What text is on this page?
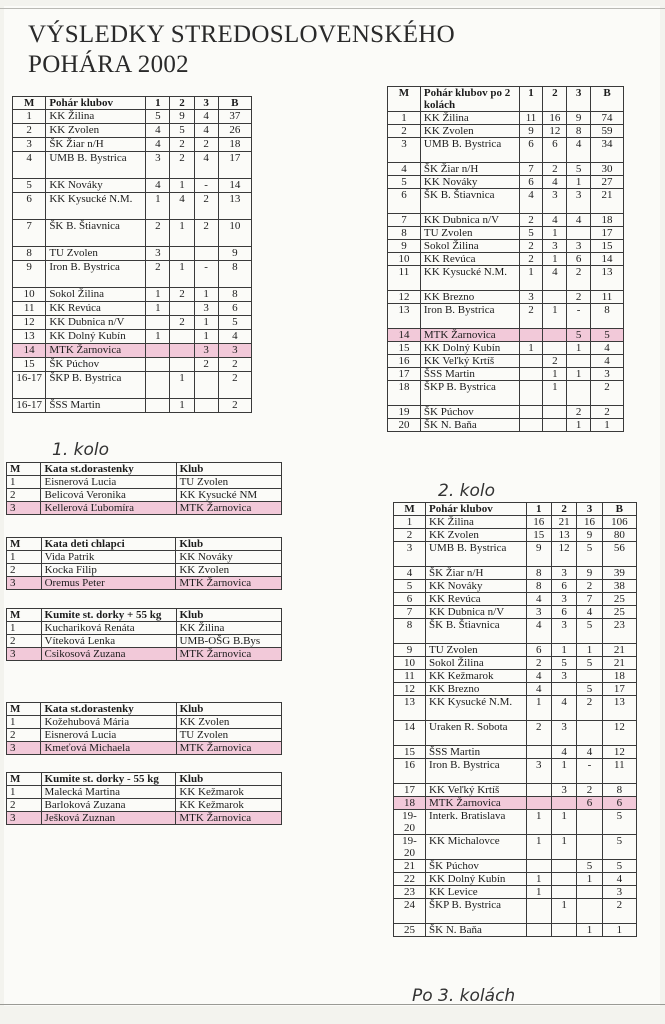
VÝSLEDKY STREDOSLOVENSKÉHO
POHÁRA 2002
M	Pohár klubov	1	2	3	B
1	KK Žilina	5	9	4	37
2	KK Zvolen	4	5	4	26
3	ŠK Žiar n/H	4	2	2	18
4	UMB B. Bystrica	3	2	4	17
5	KK Nováky	4	1	-	14
6	KK Kysucké N.M.	1	4	2	13
7	ŠK B. Štiavnica	2	1	2	10
8	TU Zvolen	3			9
9	Iron B. Bystrica	2	1	-	8
10	Sokol Žilina	1	2	1	8
11	KK Revúca	1		3	6
12	KK Dubnica n/V		2	1	5
13	KK Dolný Kubín	1		1	4
14	MTK Žarnovica			3	3
15	ŠK Púchov			2	2
16-17	ŠKP B. Bystrica		1		2
16-17	ŠSS Martin		1		2
1. kolo
M	Pohár klubov po 2 kolách	1	2	3	B
1	KK Žilina	11	16	9	74
2	KK Zvolen	9	12	8	59
3	UMB B. Bystrica	6	6	4	34
4	ŠK Žiar n/H	7	2	5	30
5	KK Nováky	6	4	1	27
6	ŠK B. Štiavnica	4	3	3	21
7	KK Dubnica n/V	2	4	4	18
8	TU Zvolen	5	1		17
9	Sokol Žilina	2	3	3	15
10	KK Revúca	2	1	6	14
11	KK Kysucké N.M.	1	4	2	13
12	KK Brezno	3		2	11
13	Iron B. Bystrica	2	1	-	8
14	MTK Žarnovica			5	5
15	KK Dolný Kubín	1		1	4
16	KK Veľký Krtíš		2		4
17	ŠSS Martin		1	1	3
18	ŠKP B. Bystrica		1		2
19	ŠK Púchov			2	2
20	ŠK N. Baňa			1	1
2. kolo
M	Pohár klubov	1	2	3	B
1	KK Žilina	16	21	16	106
2	KK Zvolen	15	13	9	80
3	UMB B. Bystrica	9	12	5	56
4	ŠK Žiar n/H	8	3	9	39
5	KK Nováky	8	6	2	38
6	KK Revúca	4	3	7	25
7	KK Dubnica n/V	3	6	4	25
8	ŠK B. Štiavnica	4	3	5	23
9	TU Zvolen	6	1	1	21
10	Sokol Žilina	2	5	5	21
11	KK Kežmarok	4	3		18
12	KK Brezno	4		5	17
13	KK Kysucké N.M.	1	4	2	13
14	Uraken R. Sobota	2	3		12
15	ŠSS Martin		4	4	12
16	Iron B. Bystrica	3	1	-	11
17	KK Veľký Krtíš		3	2	8
18	MTK Žarnovica			6	6
19-20	Interk. Bratislava	1	1		5
19-20	KK Michalovce	1	1		5
21	ŠK Púchov			5	5
22	KK Dolný Kubín	1		1	4
23	KK Levice	1			3
24	ŠKP B. Bystrica		1		2
25	ŠK N. Baňa			1	1
Po 3. kolách
M	Kata st.dorastenky	Klub
1	Eisnerová Lucia	TU Zvolen
2	Belicová Veronika	KK Kysucké NM
3	Kellerová Ľubomíra	MTK Žarnovica
M	Kata deti chlapci	Klub
1	Vida Patrik	KK Nováky
2	Kocka Filip	KK Zvolen
3	Oremus Peter	MTK Žarnovica
M	Kumite st. dorky + 55 kg	Klub
1	Kuchariková Renáta	KK Žilina
2	Víteková Lenka	UMB-OŠG B.Bys
3	Csikosová Zuzana	MTK Žarnovica
M	Kata st.dorastenky	Klub
1	Kožehubová Mária	KK Zvolen
2	Eisnerová Lucia	TU Zvolen
3	Kmeťová Michaela	MTK Žarnovica
M	Kumite st. dorky - 55 kg	Klub
1	Malecká Martina	KK Kežmarok
2	Barloková Zuzana	KK Kežmarok
3	Ješková Zuznan	MTK Žarnovica
